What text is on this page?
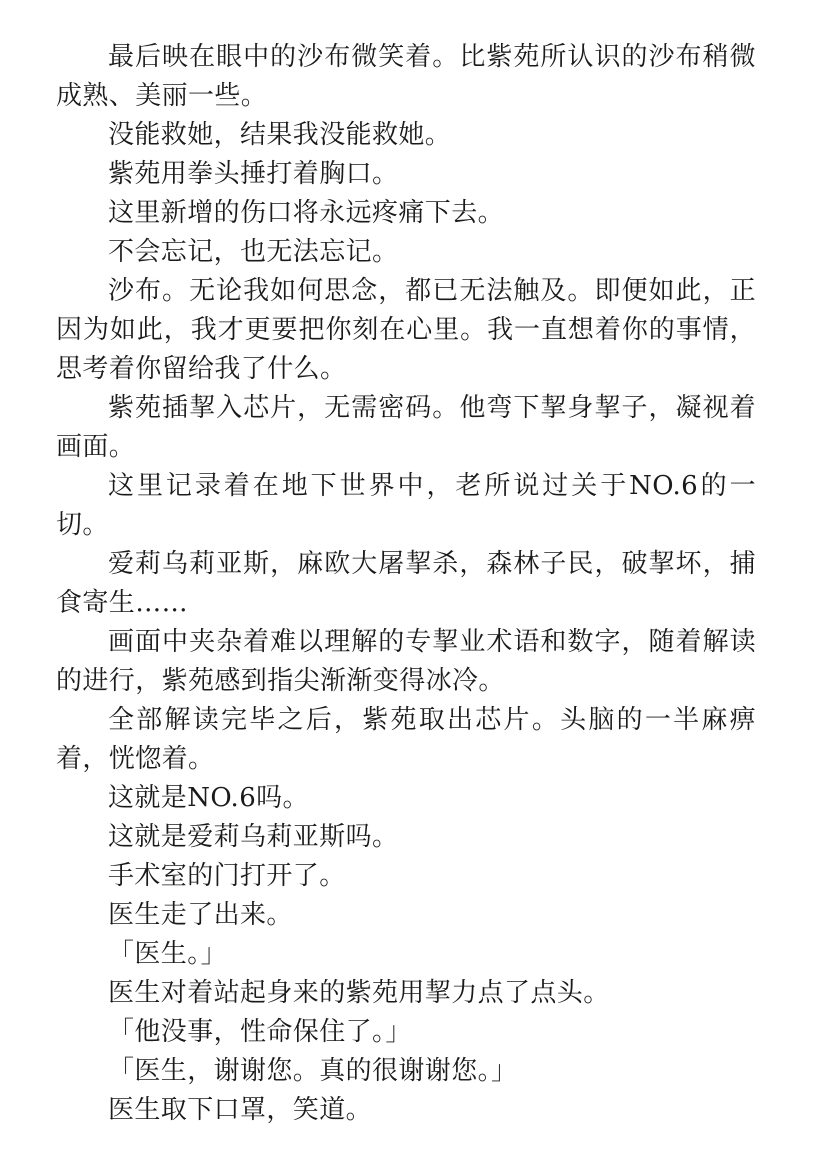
最后映在眼中的沙布微笑着。比紫苑所认识的沙布稍微成熟、美丽一些。

没能救她，结果我没能救她。

紫苑用拳头捶打着胸口。

这里新增的伤口将永远疼痛下去。

不会忘记，也无法忘记。

沙布。无论我如何思念，都已无法触及。即便如此，正因为如此，我才更要把你刻在心里。我一直想着你的事情，思考着你留给我了什么。

紫苑插挈入芯片，无需密码。他弯下挈身挈子，凝视着画面。

这里记录着在地下世界中，老所说过关于NO.6的一切。

爱莉乌莉亚斯，麻欧大屠挈杀，森林子民，破挈坏，捕食寄生……

画面中夹杂着难以理解的专挈业术语和数字，随着解读的进行，紫苑感到指尖渐渐变得冰冷。

全部解读完毕之后，紫苑取出芯片。头脑的一半麻痹着，恍惚着。

这就是NO.6吗。

这就是爱莉乌莉亚斯吗。

手术室的门打开了。

医生走了出来。

「医生。」

医生对着站起身来的紫苑用挈力点了点头。

「他没事，性命保住了。」

「医生，谢谢您。真的很谢谢您。」

医生取下口罩，笑道。
